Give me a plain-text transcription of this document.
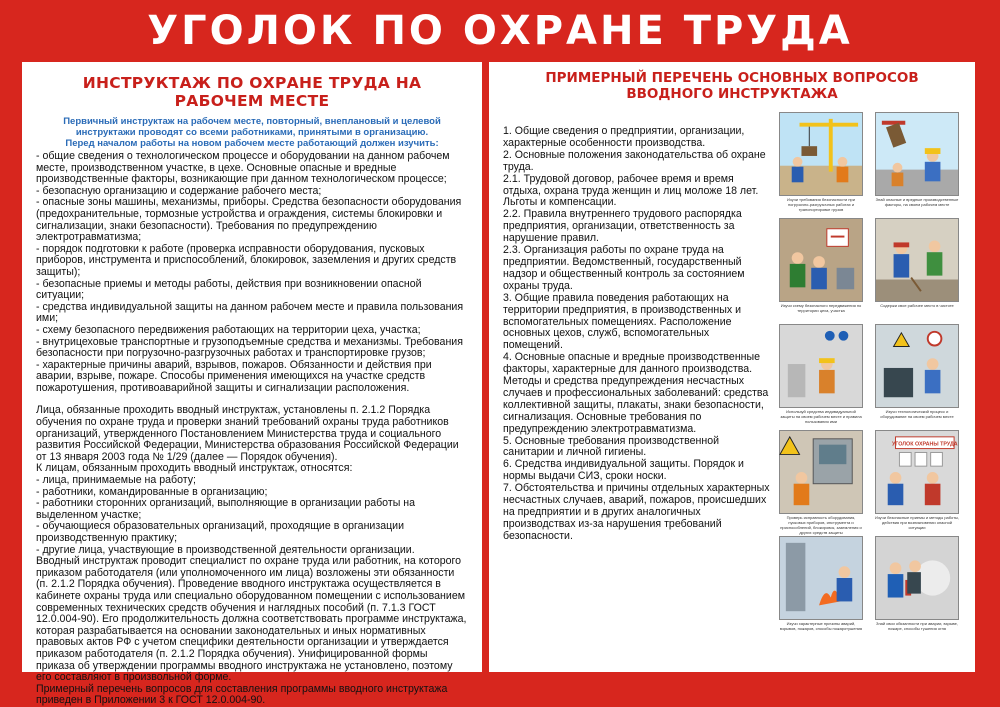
УГОЛОК ПО ОХРАНЕ ТРУДА
ИНСТРУКТАЖ ПО ОХРАНЕ ТРУДА НА РАБОЧЕМ МЕСТЕ
Первичный инструктаж на рабочем месте, повторный, внеплановый и целевой инструктажи проводят со всеми работниками, принятыми в организацию.
Перед началом работы на новом рабочем месте работающий должен изучить:

- общие сведения о технологическом процессе и оборудовании на данном рабочем месте, производственном участке, в цехе. Основные опасные и вредные производственные факторы, возникающие при данном технологическом процессе;

- безопасную организацию и содержание рабочего места;

- опасные зоны машины, механизмы, приборы. Средства безопасности оборудования (предохранительные, тормозные устройства и ограждения, системы блокировки и сигнализации, знаки безопасности). Требования по предупреждению электротравматизма;

- порядок подготовки к работе (проверка исправности оборудования, пусковых приборов, инструмента и приспособлений, блокировок, заземления и других средств защиты);

- безопасные приемы и методы работы, действия при возникновении опасной ситуации;

- средства индивидуальной защиты на данном рабочем месте и правила пользования ими;

- схему безопасного передвижения работающих на территории цеха, участка;

- внутрицеховые транспортные и грузоподъемные средства и механизмы. Требования безопасности при погрузочно-разгрузочных работах и транспортировке грузов;

- характерные причины аварий, взрывов, пожаров. Обязанности и действия при аварии, взрыве, пожаре. Способы применения имеющихся на участке средств пожаротушения, противоаварийной защиты и сигнализации расположения.

Лица, обязанные проходить вводный инструктаж, установлены п. 2.1.2 Порядка обучения по охране труда и проверки знаний требований охраны труда работников организаций, утвержденного Постановлением Министерства труда и социального развития Российской Федерации, Министерства образования Российской Федерации от 13 января 2003 года № 1/29 (далее — Порядок обучения).

К лицам, обязанным проходить вводный инструктаж, относятся:

- лица, принимаемые на работу;

- работники, командированные в организацию;

- работники сторонних организаций, выполняющие в организации работы на выделенном участке;

- обучающиеся образовательных организаций, проходящие в организации производственную практику;

- другие лица, участвующие в производственной деятельности организации.

Вводный инструктаж проводит специалист по охране труда или работник, на которого приказом работодателя (или уполномоченного им лица) возложены эти обязанности (п. 2.1.2 Порядка обучения). Проведение вводного инструктажа осуществляется в кабинете охраны труда или специально оборудованном помещении с использованием современных технических средств обучения и наглядных пособий (п. 7.1.3 ГОСТ 12.0.004-90). Его продолжительность должна соответствовать программе инструктажа, которая разрабатывается на основании законодательных и иных нормативных правовых актов РФ с учетом специфики деятельности организации и утверждается приказом работодателя (п. 2.1.2 Порядка обучения). Унифицированной формы приказа об утверждении программы вводного инструктажа не установлено, поэтому его составляют в произвольной форме.

Примерный перечень вопросов для составления программы вводного инструктажа приведен в Приложении 3 к ГОСТ 12.0.004-90.

ПРИМЕРНЫЙ ПЕРЕЧЕНЬ ОСНОВНЫХ ВОПРОСОВ
ВВОДНОГО ИНСТРУКТАЖА

1. Общие сведения о предприятии, организации, характерные особенности производства.

2. Основные положения законодательства об охране труда.

2.1. Трудовой договор, рабочее время и время отдыха, охрана труда женщин и лиц моложе 18 лет. Льготы и компенсации.

2.2. Правила внутреннего трудового распорядка предприятия, организации, ответственность за нарушение правил.

2.3. Организация работы по охране труда на предприятии. Ведомственный, государственный надзор и общественный контроль за состоянием охраны труда.

3. Общие правила поведения работающих на территории предприятия, в производственных и вспомогательных помещениях. Расположение основных цехов, служб, вспомогательных помещений.

4. Основные опасные и вредные производственные факторы, характерные для данного производства. Методы и средства предупреждения несчастных случаев и профессиональных заболеваний: средства коллективной защиты, плакаты, знаки безопасности, сигнализация. Основные требования по предупреждению электротравматизма.

5. Основные требования производственной санитарии и личной гигиены.

6. Средства индивидуальной защиты. Порядок и нормы выдачи СИЗ, сроки носки.

7. Обстоятельства и причины отдельных характерных несчастных случаев, аварий, пожаров, происшедших на предприятии и в других аналогичных производствах из-за нарушения требований безопасности.

Изучи требования безопасности при погрузочно-разгрузочных работах и транспортировке грузов
Знай опасные и вредные производственные факторы, на своем рабочем месте
Изучи схему безопасного передвижения по территории цеха, участка
Содержи свое рабочее место в чистоте
Используй средства индивидуальной защиты на своем рабочем месте и правила пользования ими
Изучи технологический процесс и оборудование на своем рабочем месте
Проверь исправность оборудования, пусковых приборов, инструмента и приспособлений, блокировок, заземления и других средств защиты
УГОЛОК ОХРАНЫ ТРУДА
Изучи безопасные приемы и методы работы, действия при возникновении опасной ситуации
Изучи характерные причины аварий, взрывов, пожаров, способы пожаротушения
Знай свои обязанности при аварии, взрыве, пожаре, способы тушения огня
